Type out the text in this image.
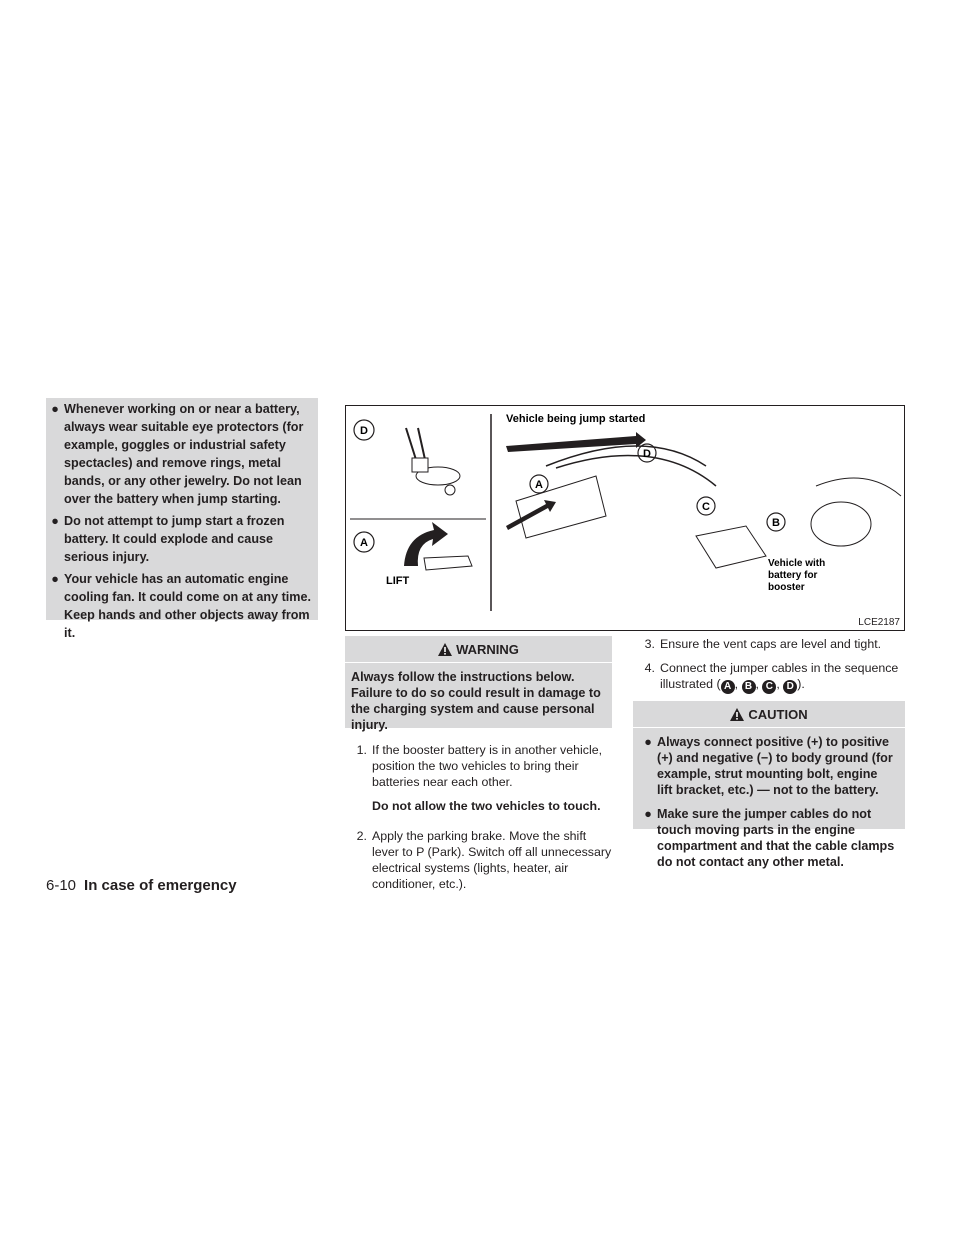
● Whenever working on or near a battery, always wear suitable eye protectors (for example, goggles or industrial safety spectacles) and remove rings, metal bands, or any other jewelry. Do not lean over the battery when jump starting.
● Do not attempt to jump start a frozen battery. It could explode and cause serious injury.
● Your vehicle has an automatic engine cooling fan. It could come on at any time. Keep hands and other objects away from it.
D
A
LIFT
Vehicle being jump started
A
D
C
B
Vehicle with battery for booster
LCE2187
WARNING
Always follow the instructions below. Failure to do so could result in damage to the charging system and cause personal injury.
1. If the booster battery is in another vehicle, position the two vehicles to bring their batteries near each other.
Do not allow the two vehicles to touch.
2. Apply the parking brake. Move the shift lever to P (Park). Switch off all unnecessary electrical systems (lights, heater, air conditioner, etc.).
3. Ensure the vent caps are level and tight.
4. Connect the jumper cables in the sequence illustrated ( A , B , C , D ).
CAUTION
● Always connect positive (+) to positive (+) and negative (−) to body ground (for example, strut mounting bolt, engine lift bracket, etc.) — not to the battery.
● Make sure the jumper cables do not touch moving parts in the engine compartment and that the cable clamps do not contact any other metal.
6-10 In case of emergency
